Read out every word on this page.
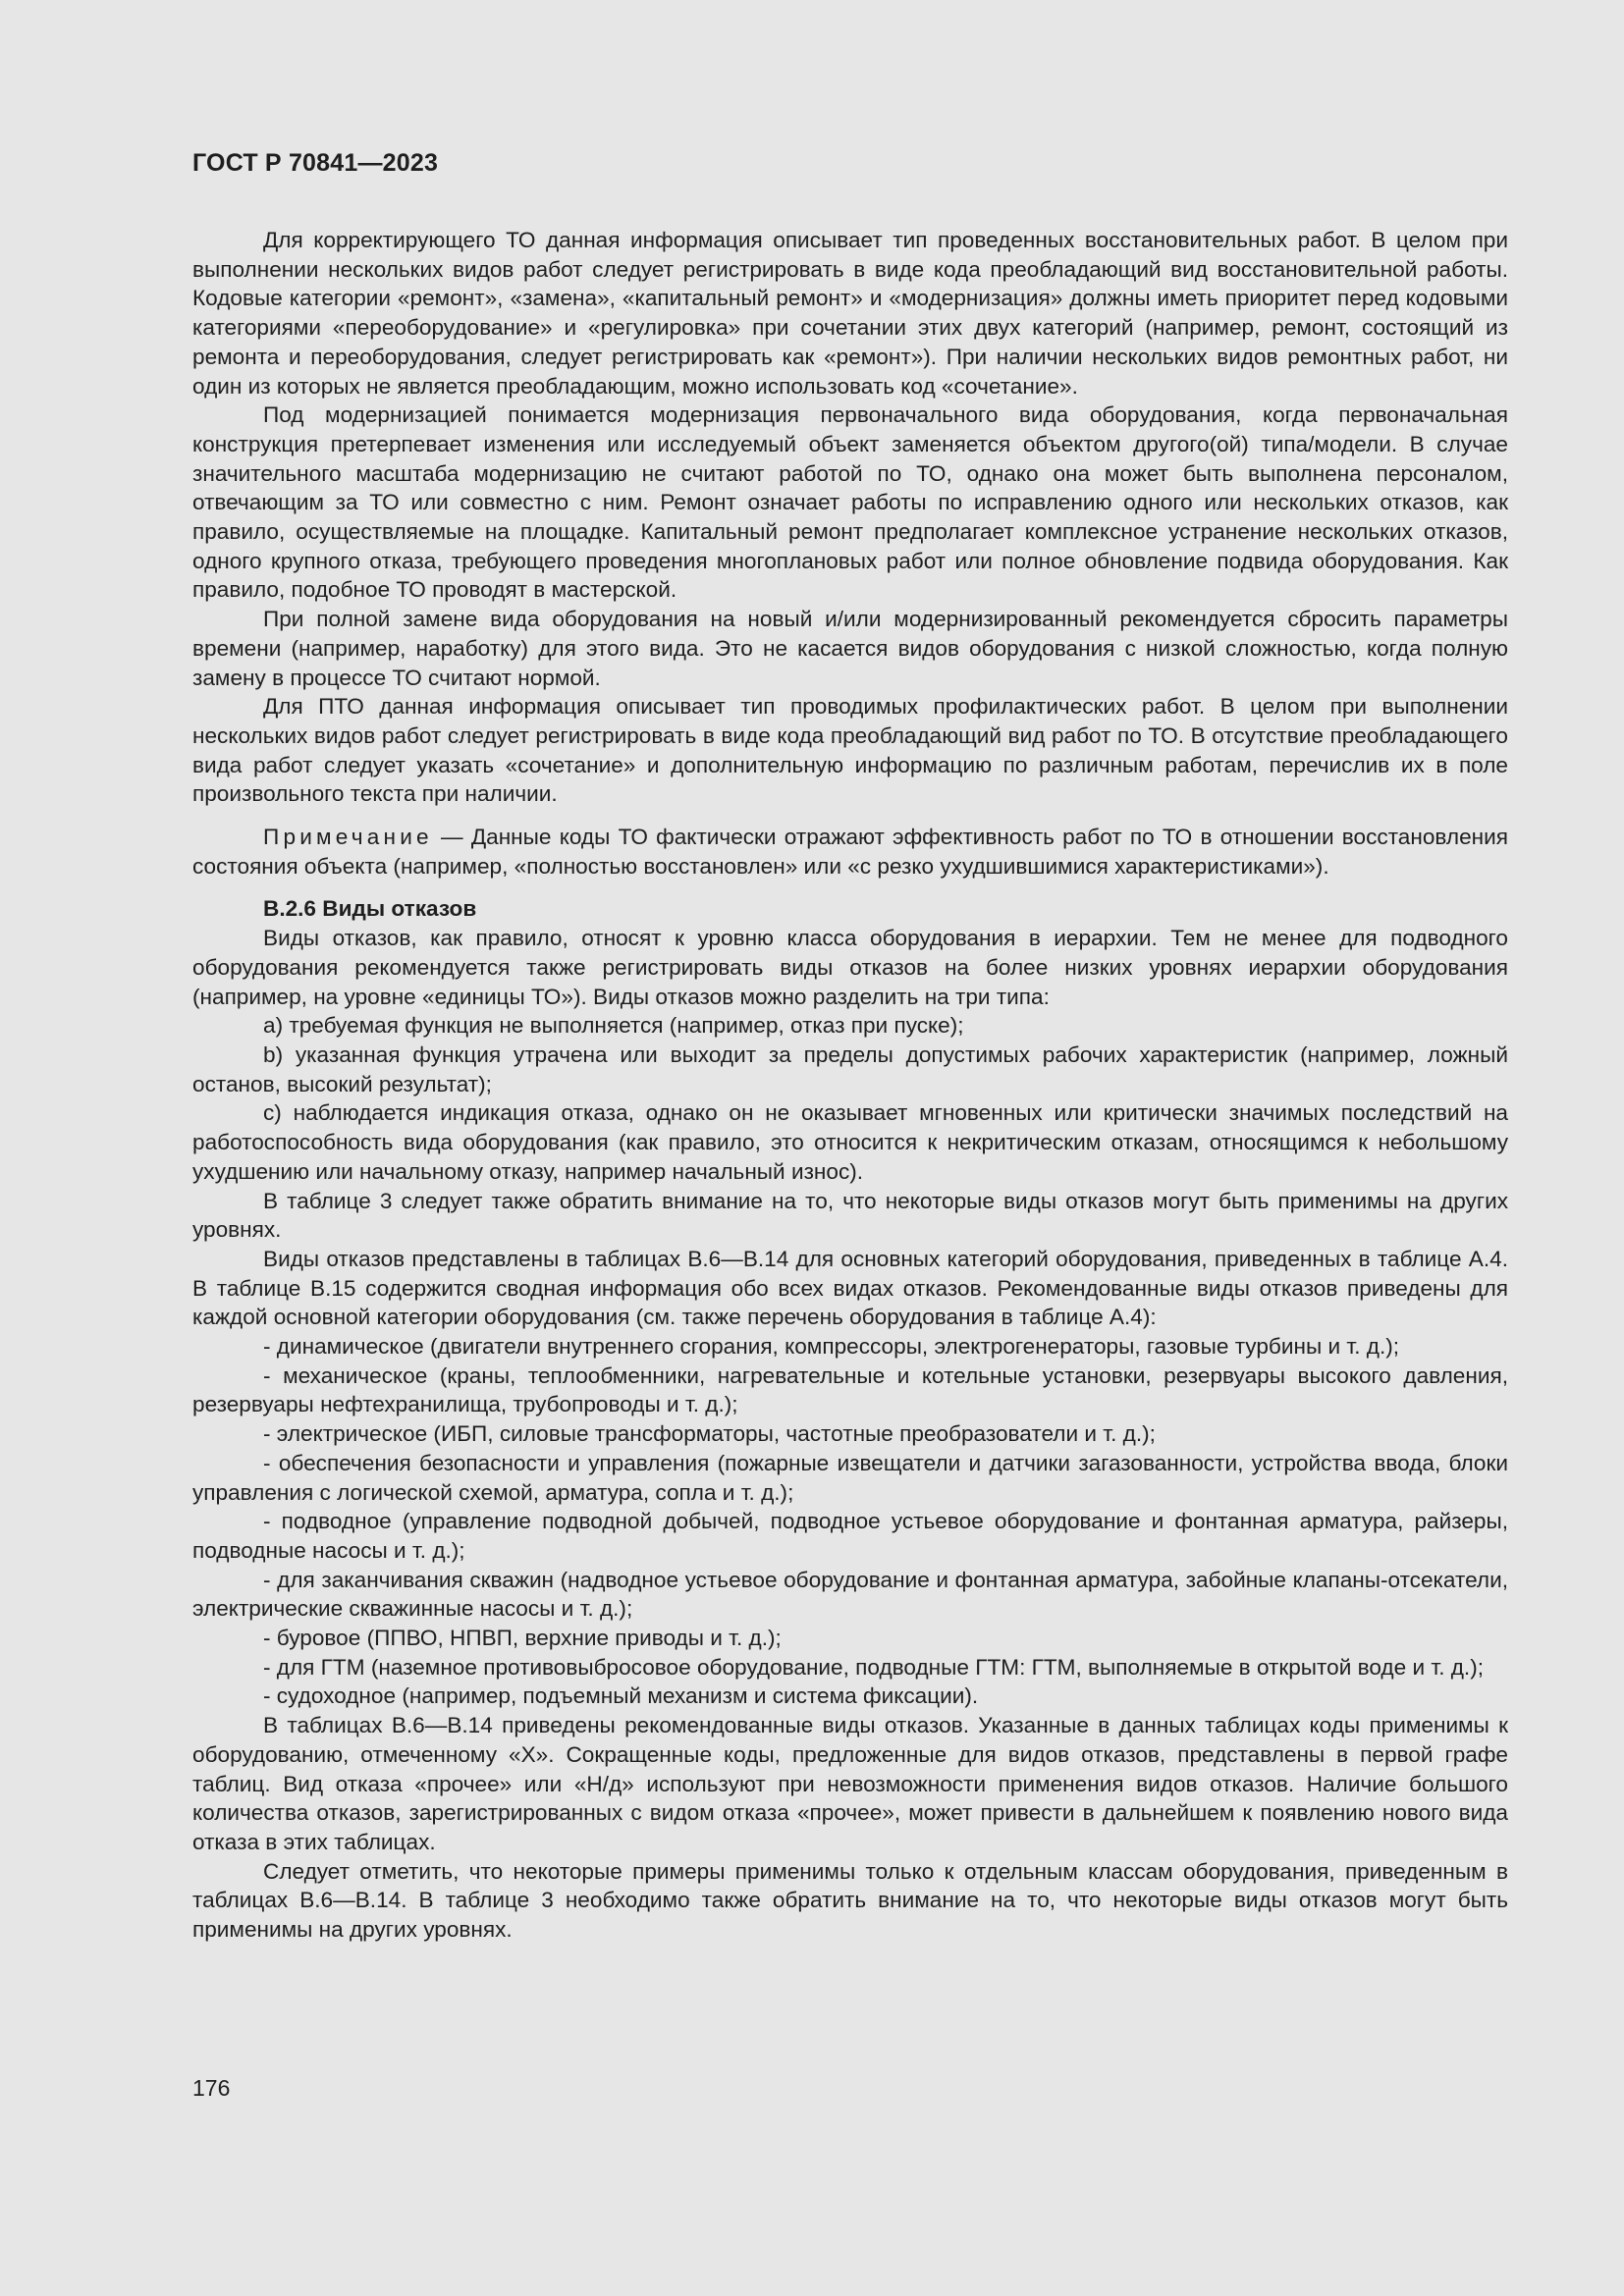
ГОСТ Р 70841—2023

Для корректирующего ТО данная информация описывает тип проведенных восстановительных работ. В целом при выполнении нескольких видов работ следует регистрировать в виде кода преобладающий вид восстановительной работы. Кодовые категории «ремонт», «замена», «капитальный ремонт» и «модернизация» должны иметь приоритет перед кодовыми категориями «переоборудование» и «регулировка» при сочетании этих двух категорий (например, ремонт, состоящий из ремонта и переоборудования, следует регистрировать как «ремонт»). При наличии нескольких видов ремонтных работ, ни один из которых не является преобладающим, можно использовать код «сочетание».

Под модернизацией понимается модернизация первоначального вида оборудования, когда первоначальная конструкция претерпевает изменения или исследуемый объект заменяется объектом другого(ой) типа/модели. В случае значительного масштаба модернизацию не считают работой по ТО, однако она может быть выполнена персоналом, отвечающим за ТО или совместно с ним. Ремонт означает работы по исправлению одного или нескольких отказов, как правило, осуществляемые на площадке. Капитальный ремонт предполагает комплексное устранение нескольких отказов, одного крупного отказа, требующего проведения многоплановых работ или полное обновление подвида оборудования. Как правило, подобное ТО проводят в мастерской.

При полной замене вида оборудования на новый и/или модернизированный рекомендуется сбросить параметры времени (например, наработку) для этого вида. Это не касается видов оборудования с низкой сложностью, когда полную замену в процессе ТО считают нормой.

Для ПТО данная информация описывает тип проводимых профилактических работ. В целом при выполнении нескольких видов работ следует регистрировать в виде кода преобладающий вид работ по ТО. В отсутствие преобладающего вида работ следует указать «сочетание» и дополнительную информацию по различным работам, перечислив их в поле произвольного текста при наличии.

Примечание — Данные коды ТО фактически отражают эффективность работ по ТО в отношении восстановления состояния объекта (например, «полностью восстановлен» или «с резко ухудшившимися характеристиками»).

В.2.6 Виды отказов

Виды отказов, как правило, относят к уровню класса оборудования в иерархии. Тем не менее для подводного оборудования рекомендуется также регистрировать виды отказов на более низких уровнях иерархии оборудования (например, на уровне «единицы ТО»). Виды отказов можно разделить на три типа:

a) требуемая функция не выполняется (например, отказ при пуске);

b) указанная функция утрачена или выходит за пределы допустимых рабочих характеристик (например, ложный останов, высокий результат);

c) наблюдается индикация отказа, однако он не оказывает мгновенных или критически значимых последствий на работоспособность вида оборудования (как правило, это относится к некритическим отказам, относящимся к небольшому ухудшению или начальному отказу, например начальный износ).

В таблице 3 следует также обратить внимание на то, что некоторые виды отказов могут быть применимы на других уровнях.

Виды отказов представлены в таблицах В.6—В.14 для основных категорий оборудования, приведенных в таблице А.4. В таблице В.15 содержится сводная информация обо всех видах отказов. Рекомендованные виды отказов приведены для каждой основной категории оборудования (см. также перечень оборудования в таблице А.4):

- динамическое (двигатели внутреннего сгорания, компрессоры, электрогенераторы, газовые турбины и т. д.);

- механическое (краны, теплообменники, нагревательные и котельные установки, резервуары высокого давления, резервуары нефтехранилища, трубопроводы и т. д.);

- электрическое (ИБП, силовые трансформаторы, частотные преобразователи и т. д.);

- обеспечения безопасности и управления (пожарные извещатели и датчики загазованности, устройства ввода, блоки управления с логической схемой, арматура, сопла и т. д.);

- подводное (управление подводной добычей, подводное устьевое оборудование и фонтанная арматура, райзеры, подводные насосы и т. д.);

- для заканчивания скважин (надводное устьевое оборудование и фонтанная арматура, забойные клапаны-отсекатели, электрические скважинные насосы и т. д.);

- буровое (ППВО, НПВП, верхние приводы и т. д.);

- для ГТМ (наземное противовыбросовое оборудование, подводные ГТМ: ГТМ, выполняемые в открытой воде и т. д.);

- судоходное (например, подъемный механизм и система фиксации).

В таблицах В.6—В.14 приведены рекомендованные виды отказов. Указанные в данных таблицах коды применимы к оборудованию, отмеченному «X». Сокращенные коды, предложенные для видов отказов, представлены в первой графе таблиц. Вид отказа «прочее» или «Н/д» используют при невозможности применения видов отказов. Наличие большого количества отказов, зарегистрированных с видом отказа «прочее», может привести в дальнейшем к появлению нового вида отказа в этих таблицах.

Следует отметить, что некоторые примеры применимы только к отдельным классам оборудования, приведенным в таблицах В.6—В.14. В таблице 3 необходимо также обратить внимание на то, что некоторые виды отказов могут быть применимы на других уровнях.

176
